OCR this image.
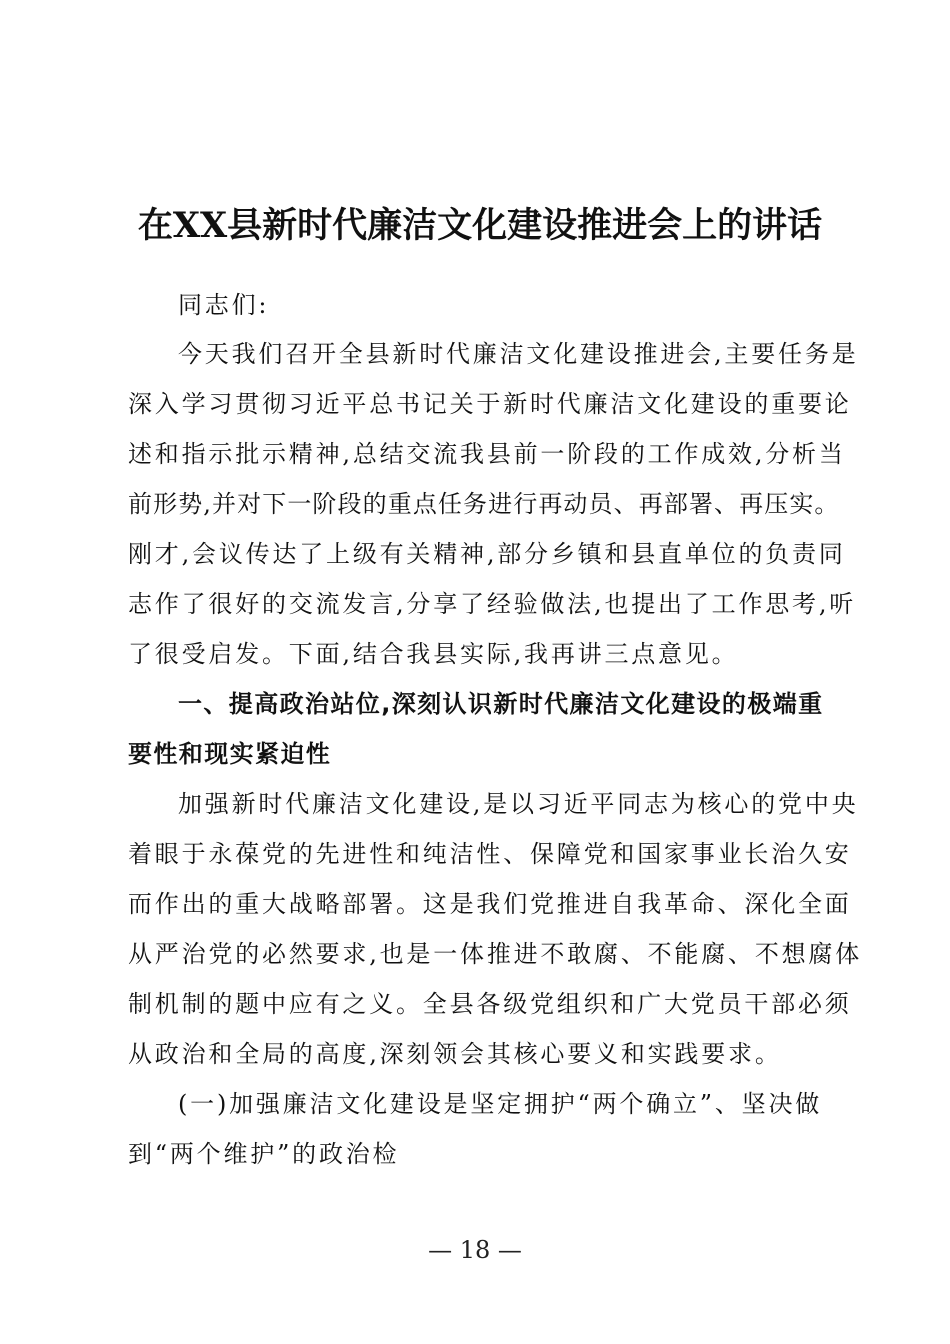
在XX县新时代廉洁文化建设推进会上的讲话
同志们:
今天我们召开全县新时代廉洁文化建设推进会,主要任务是
深入学习贯彻习近平总书记关于新时代廉洁文化建设的重要论
述和指示批示精神,总结交流我县前一阶段的工作成效,分析当
前形势,并对下一阶段的重点任务进行再动员、再部署、再压实。
刚才,会议传达了上级有关精神,部分乡镇和县直单位的负责同
志作了很好的交流发言,分享了经验做法,也提出了工作思考,听
了很受启发。下面,结合我县实际,我再讲三点意见。
一、提高政治站位,深刻认识新时代廉洁文化建设的极端重
要性和现实紧迫性
加强新时代廉洁文化建设,是以习近平同志为核心的党中央
着眼于永葆党的先进性和纯洁性、保障党和国家事业长治久安
而作出的重大战略部署。这是我们党推进自我革命、深化全面
从严治党的必然要求,也是一体推进不敢腐、不能腐、不想腐体
制机制的题中应有之义。全县各级党组织和广大党员干部必须
从政治和全局的高度,深刻领会其核心要义和实践要求。
(一)加强廉洁文化建设是坚定拥护“两个确立”、坚决做
到“两个维护”的政治检
— 18 —
